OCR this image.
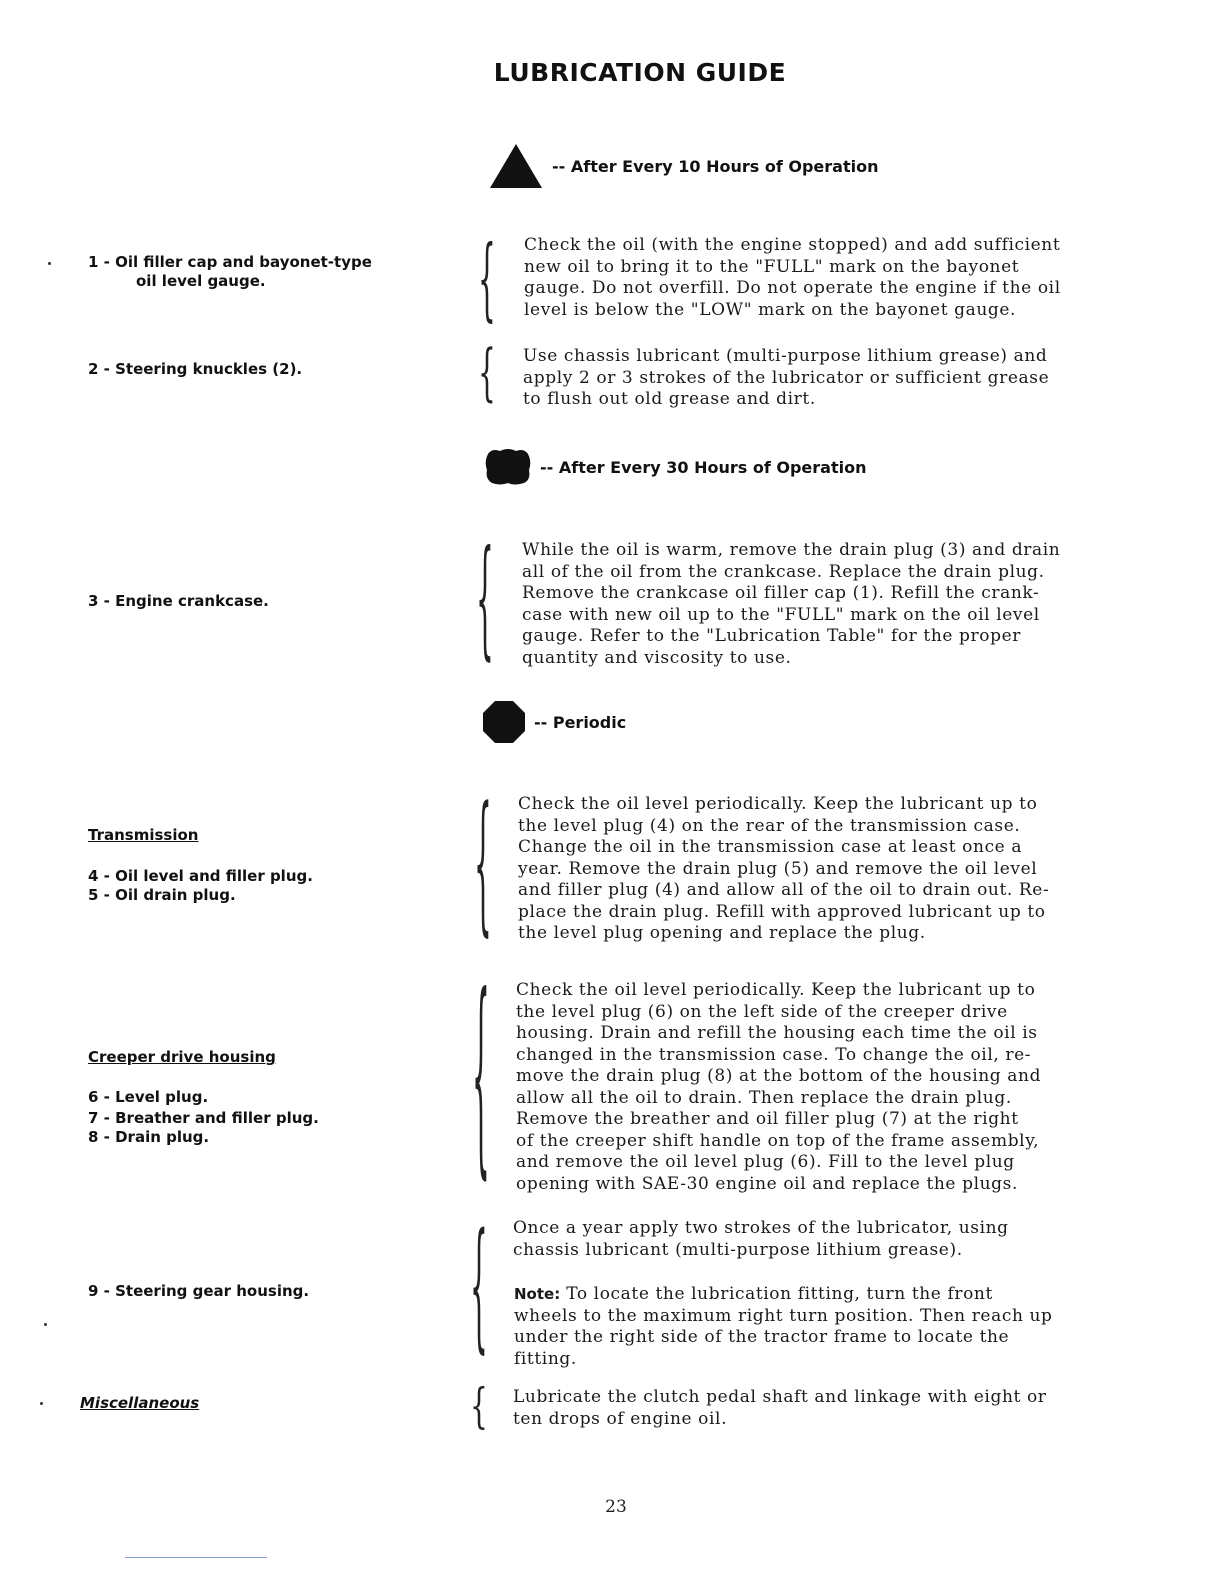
LUBRICATION GUIDE
-- After Every 10 Hours of Operation
-- After Every 30 Hours of Operation
-- Periodic
1 - Oil filler cap and bayonet-type
oil level gauge.
2 - Steering knuckles (2).
3 - Engine crankcase.
Transmission
4 - Oil level and filler plug.
5 - Oil drain plug.
Creeper drive housing
6 - Level plug.
7 - Breather and filler plug.
8 - Drain plug.
9 - Steering gear housing.
Miscellaneous
{
{
{
{
{
{
{
Check the oil (with the engine stopped) and add sufficient
new oil to bring it to the "FULL" mark on the bayonet
gauge. Do not overfill. Do not operate the engine if the oil
level is below the "LOW" mark on the bayonet gauge.
Use chassis lubricant (multi-purpose lithium grease) and
apply 2 or 3 strokes of the lubricator or sufficient grease
to flush out old grease and dirt.
While the oil is warm, remove the drain plug (3) and drain
all of the oil from the crankcase. Replace the drain plug.
Remove the crankcase oil filler cap (1). Refill the crank-
case with new oil up to the "FULL" mark on the oil level
gauge. Refer to the "Lubrication Table" for the proper
quantity and viscosity to use.
Check the oil level periodically. Keep the lubricant up to
the level plug (4) on the rear of the transmission case.
Change the oil in the transmission case at least once a
year. Remove the drain plug (5) and remove the oil level
and filler plug (4) and allow all of the oil to drain out. Re-
place the drain plug. Refill with approved lubricant up to
the level plug opening and replace the plug.
Check the oil level periodically. Keep the lubricant up to
the level plug (6) on the left side of the creeper drive
housing. Drain and refill the housing each time the oil is
changed in the transmission case. To change the oil, re-
move the drain plug (8) at the bottom of the housing and
allow all the oil to drain. Then replace the drain plug.
Remove the breather and oil filler plug (7) at the right
of the creeper shift handle on top of the frame assembly,
and remove the oil level plug (6). Fill to the level plug
opening with SAE-30 engine oil and replace the plugs.
Once a year apply two strokes of the lubricator, using
chassis lubricant (multi-purpose lithium grease).
Note: To locate the lubrication fitting, turn the front
wheels to the maximum right turn position. Then reach up
under the right side of the tractor frame to locate the
fitting.
Lubricate the clutch pedal shaft and linkage with eight or
ten drops of engine oil.
23
